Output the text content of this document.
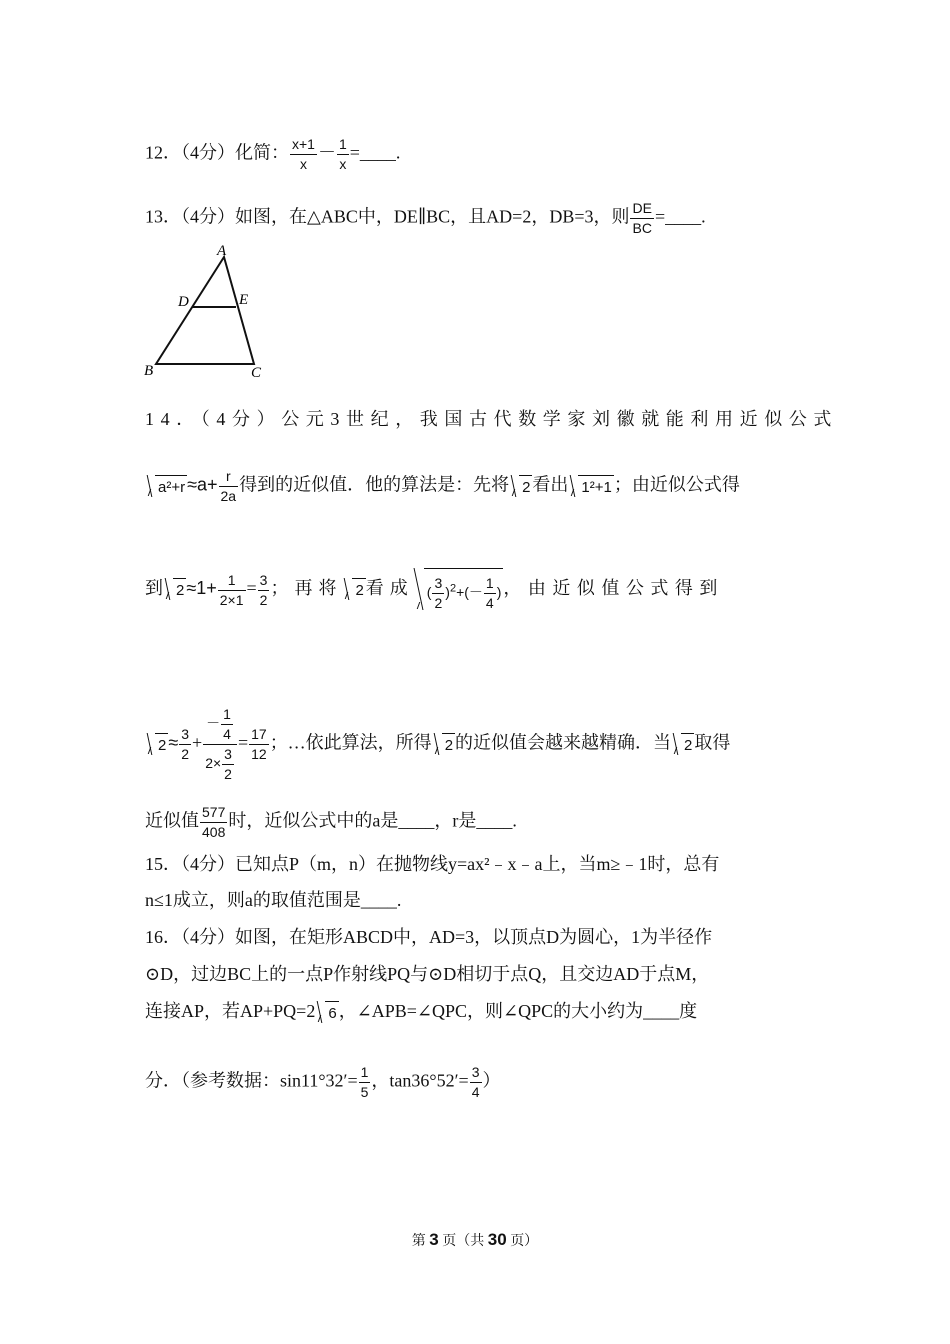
12．（4分）化简： $\frac{x+1}{x} - \frac{1}{x}$ =____.
13．（4分）如图，在△ABC中，DE∥BC，且AD=2，DB=3，则 $\frac{DE}{BC}$ =____.
A
D	E
B	C
14．（4分）公元3世纪，我国古代数学家刘徽就能利用近似公式
$a^2+r \approx a+ \frac{r}{2a}$ 得到的近似值．他的算法是：先将 2 看出 1²+1 ；由近似公式得
到 $2 \approx 1+ \frac{1}{2\times 1} = \frac{3}{2}$ ；再将 2 看成 ( $\frac{3}{2} )^2+(- \frac{1}{4}$ ) ，由近似值公式得到
$2 \approx \frac{3}{2} + \frac{- \frac{1}{4}}{2\times \frac{3}{2}} = \frac{17}{12}$ ；…依此算法，所得 2 的近似值会越来越精确．当 2 取得
近似值 $\frac{577}{408}$ 时，近似公式中的a是____，r是____.
15．（4分）已知点P（m，n）在抛物线y=ax²﹣x﹣a上，当m≥﹣1时，总有
n≤1成立，则a的取值范围是____.
16．（4分）如图，在矩形ABCD中，AD=3，以顶点D为圆心，1为半径作
⊙D，过边BC上的一点P作射线PQ与⊙D相切于点Q，且交边AD于点M，
连接AP，若AP+PQ=2 6 ，∠APB=∠QPC，则∠QPC的大小约为____度
分．（参考数据：$\sin 11^\circ 32'= \frac{1}{5}$ ，$\tan 36^\circ 52'= \frac{3}{4}$ ）
第 3 页（共 30 页）
